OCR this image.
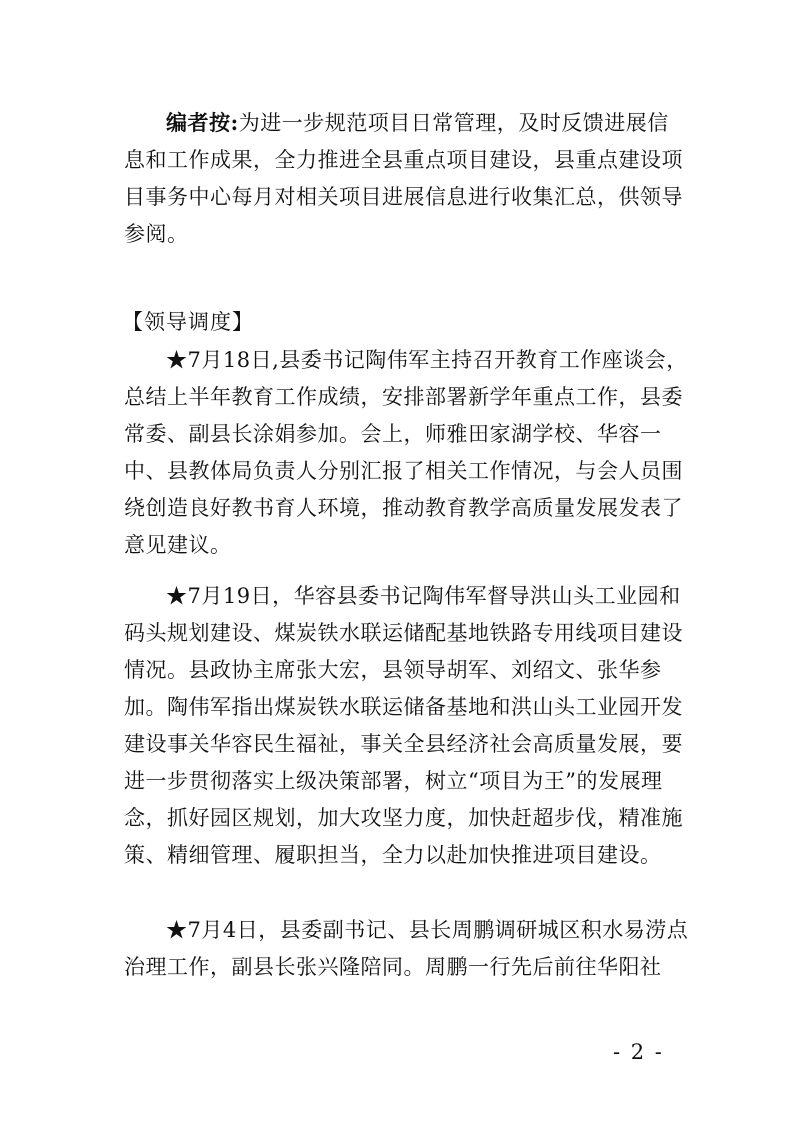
编者按:为进一步规范项目日常管理，及时反馈进展信息和工作成果，全力推进全县重点项目建设，县重点建设项目事务中心每月对相关项目进展信息进行收集汇总，供领导参阅。

【领导调度】

★7月18日,县委书记陶伟军主持召开教育工作座谈会，总结上半年教育工作成绩，安排部署新学年重点工作，县委常委、副县长涂娟参加。会上，师雅田家湖学校、华容一中、县教体局负责人分别汇报了相关工作情况，与会人员围绕创造良好教书育人环境，推动教育教学高质量发展发表了意见建议。

★7月19日，华容县委书记陶伟军督导洪山头工业园和码头规划建设、煤炭铁水联运储配基地铁路专用线项目建设情况。县政协主席张大宏，县领导胡军、刘绍文、张华参加。陶伟军指出煤炭铁水联运储备基地和洪山头工业园开发建设事关华容民生福祉，事关全县经济社会高质量发展，要进一步贯彻落实上级决策部署，树立“项目为王”的发展理念，抓好园区规划，加大攻坚力度，加快赶超步伐，精准施策、精细管理、履职担当，全力以赴加快推进项目建设。

★7月4日，县委副书记、县长周鹏调研城区积水易涝点治理工作，副县长张兴隆陪同。周鹏一行先后前往华阳社

- 2 -
